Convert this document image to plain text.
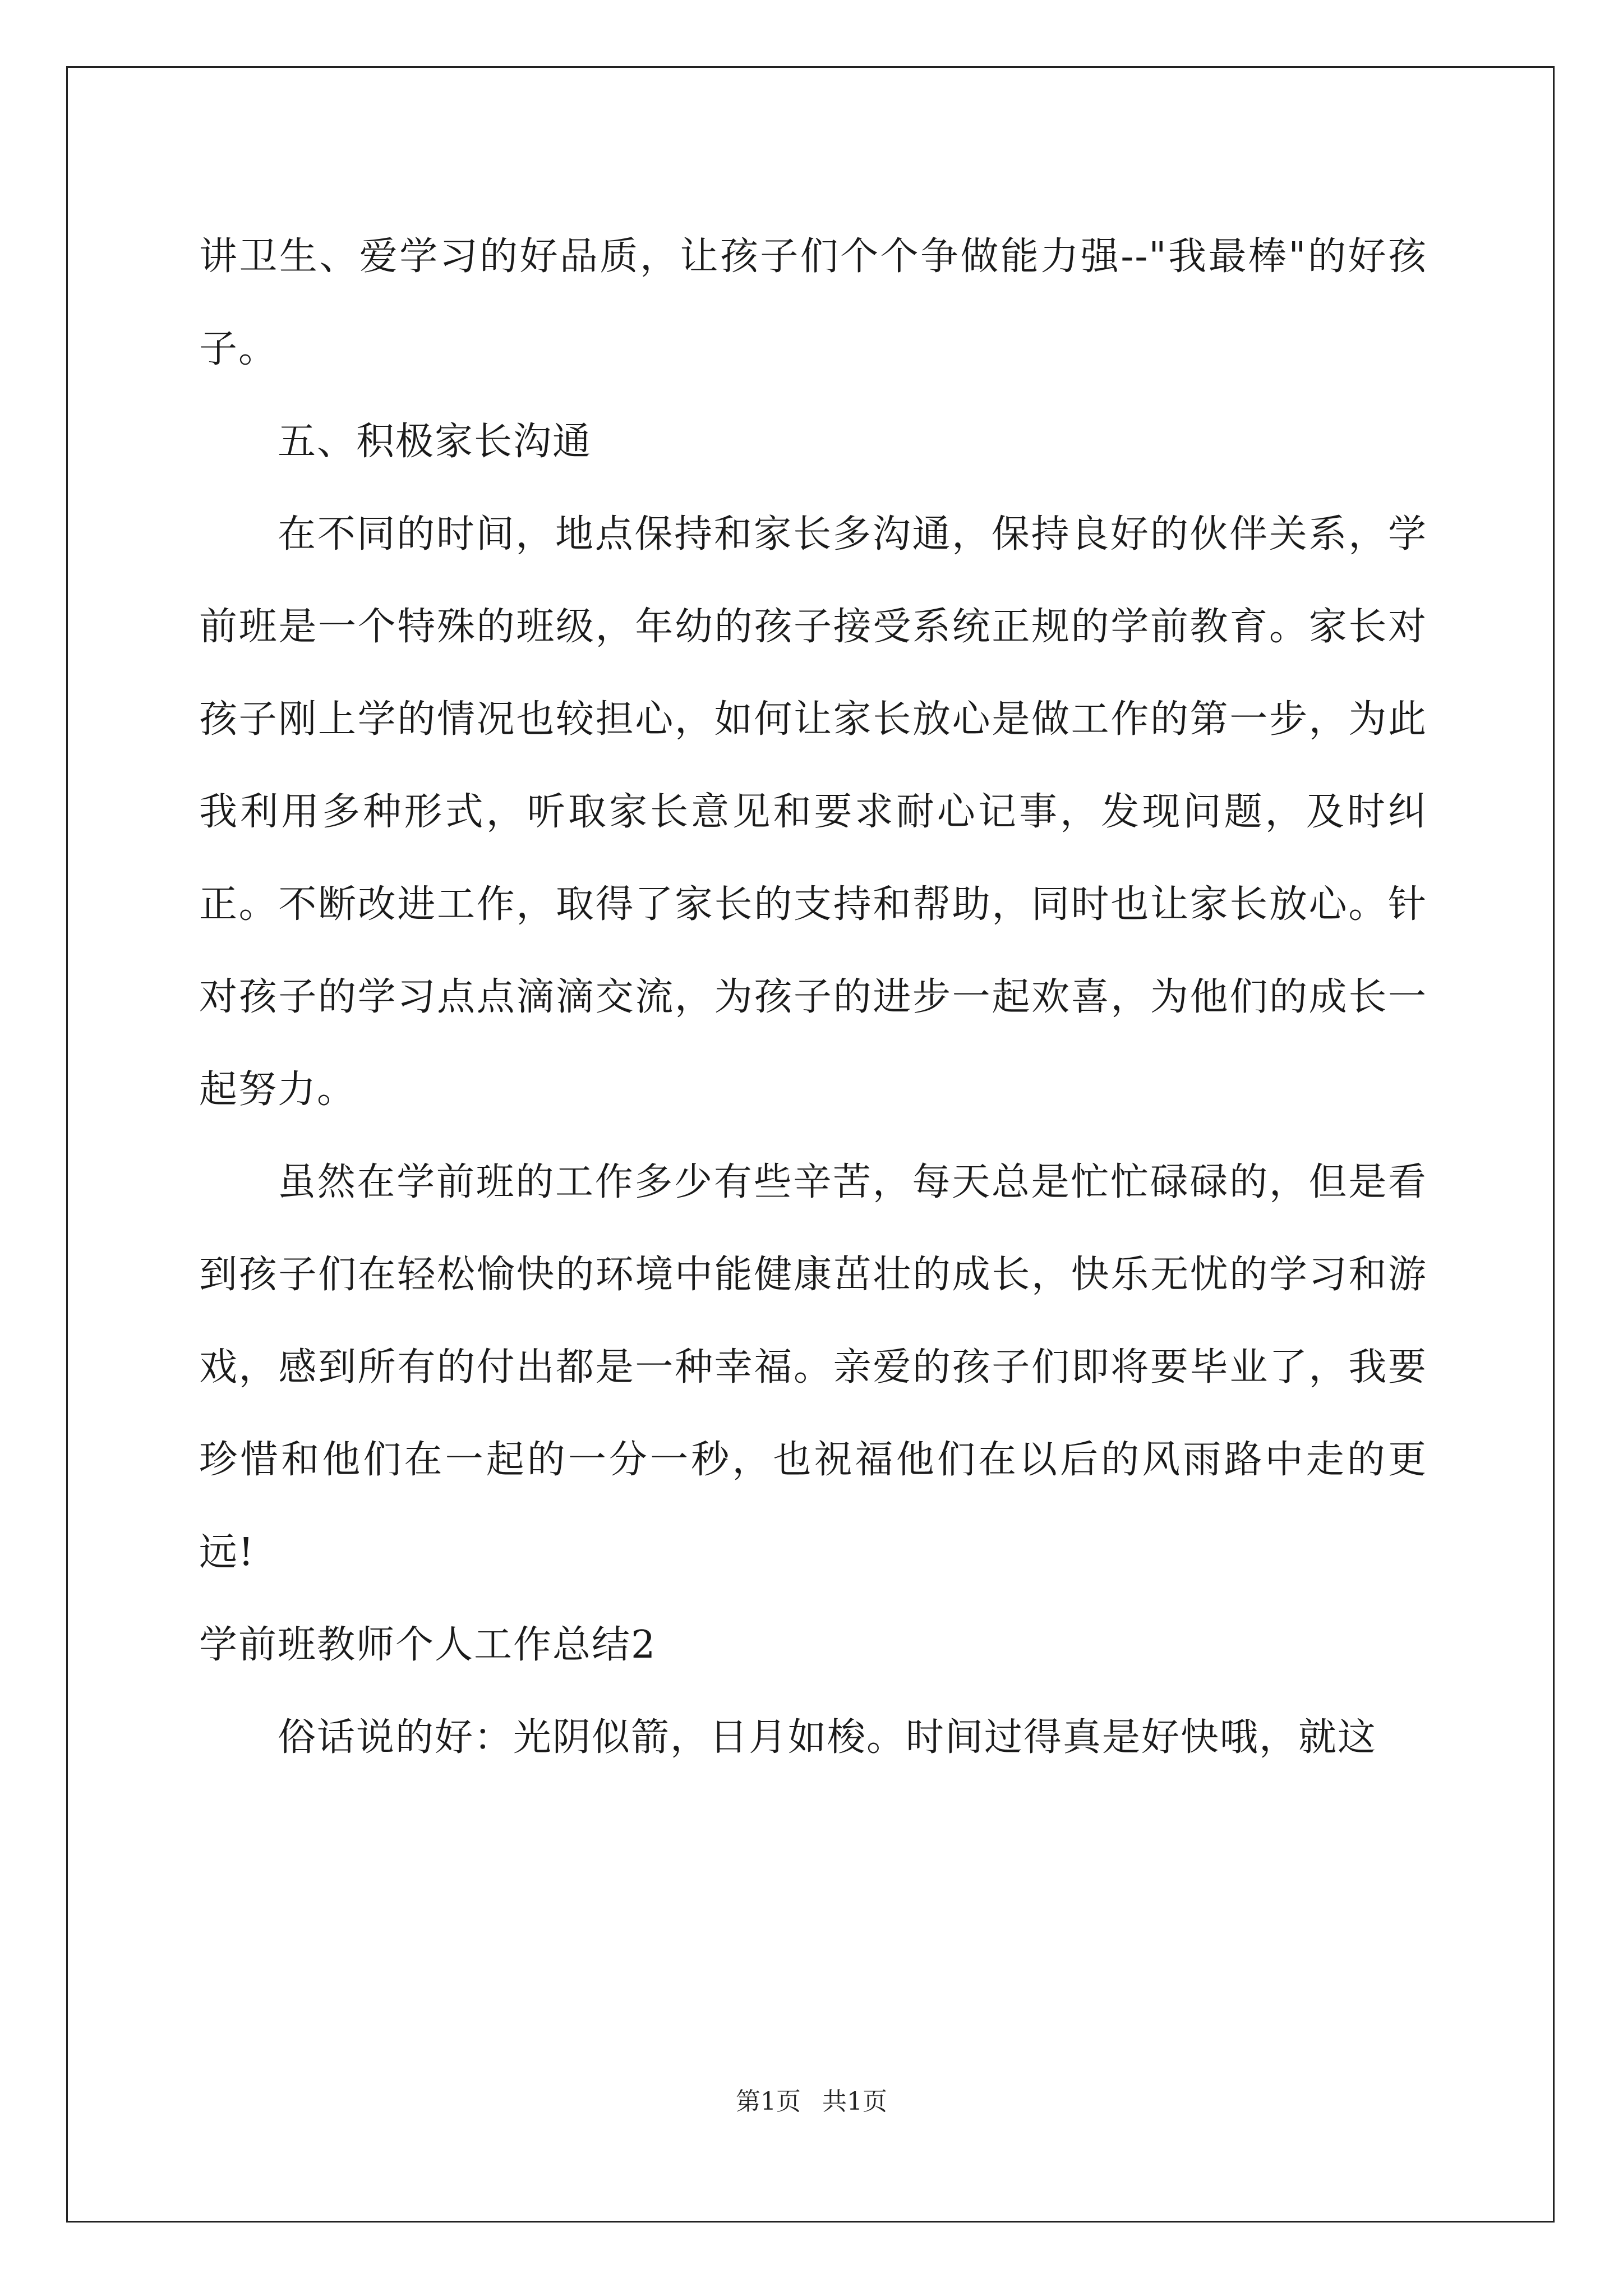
讲卫生、爱学习的好品质，让孩子们个个争做能力强--"我最棒"的好孩子。

五、积极家长沟通

在不同的时间，地点保持和家长多沟通，保持良好的伙伴关系，学前班是一个特殊的班级，年幼的孩子接受系统正规的学前教育。家长对孩子刚上学的情况也较担心，如何让家长放心是做工作的第一步，为此我利用多种形式，听取家长意见和要求耐心记事，发现问题，及时纠正。不断改进工作，取得了家长的支持和帮助，同时也让家长放心。针对孩子的学习点点滴滴交流，为孩子的进步一起欢喜，为他们的成长一起努力。

虽然在学前班的工作多少有些辛苦，每天总是忙忙碌碌的，但是看到孩子们在轻松愉快的环境中能健康茁壮的成长，快乐无忧的学习和游戏，感到所有的付出都是一种幸福。亲爱的孩子们即将要毕业了，我要珍惜和他们在一起的一分一秒，也祝福他们在以后的风雨路中走的更远!

学前班教师个人工作总结2

俗话说的好：光阴似箭，日月如梭。时间过得真是好快哦，就这

第1页 共1页
